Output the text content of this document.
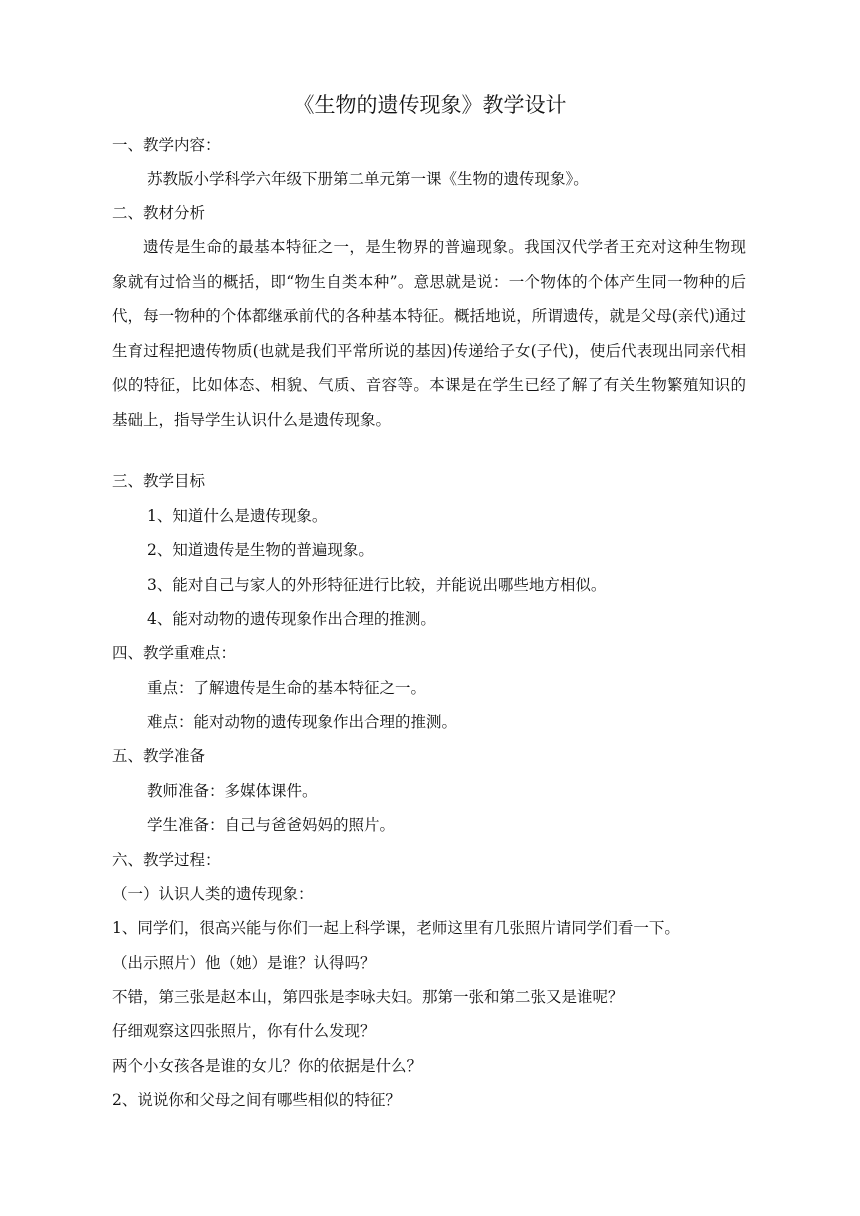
《生物的遗传现象》教学设计
一、教学内容：
苏教版小学科学六年级下册第二单元第一课《生物的遗传现象》。
二、教材分析
遗传是生命的最基本特征之一，是生物界的普遍现象。我国汉代学者王充对这种生物现象就有过恰当的概括，即“物生自类本种”。意思就是说：一个物体的个体产生同一物种的后代，每一物种的个体都继承前代的各种基本特征。概括地说，所谓遗传，就是父母(亲代)通过生育过程把遗传物质(也就是我们平常所说的基因)传递给子女(子代)，使后代表现出同亲代相似的特征，比如体态、相貌、气质、音容等。本课是在学生已经了解了有关生物繁殖知识的基础上，指导学生认识什么是遗传现象。
三、教学目标
1、知道什么是遗传现象。
2、知道遗传是生物的普遍现象。
3、能对自己与家人的外形特征进行比较，并能说出哪些地方相似。
4、能对动物的遗传现象作出合理的推测。
四、教学重难点：
重点：了解遗传是生命的基本特征之一。
难点：能对动物的遗传现象作出合理的推测。
五、教学准备
教师准备：多媒体课件。
学生准备：自己与爸爸妈妈的照片。
六、教学过程：
（一）认识人类的遗传现象：
1、同学们，很高兴能与你们一起上科学课，老师这里有几张照片请同学们看一下。
（出示照片）他（她）是谁？认得吗？
不错，第三张是赵本山，第四张是李咏夫妇。那第一张和第二张又是谁呢？
仔细观察这四张照片，你有什么发现？
两个小女孩各是谁的女儿？你的依据是什么？
2、说说你和父母之间有哪些相似的特征？
